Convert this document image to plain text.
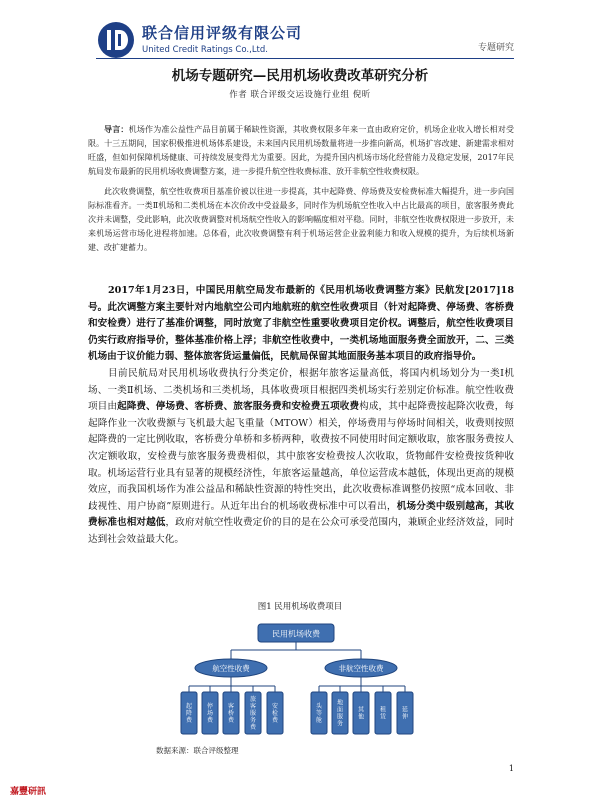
联合信用评级有限公司
United Credit Ratings Co.,Ltd.	专题研究
机场专题研究—民用机场收费改革研究分析
作者 联合评级交运设施行业组 倪昕

导言：机场作为准公益性产品目前属于稀缺性资源，其收费权限多年来一直由政府定价，机场企业收入增长相对受限。十三五期间，国家积极推进机场体系建设，未来国内民用机场数量将进一步推向新高，机场扩容改建、新建需求相对旺盛，但如何保障机场健康、可持续发展变得尤为重要。因此，为提升国内机场市场化经营能力及稳定发展，2017年民航局发布最新的民用机场收费调整方案，进一步提升航空性收费标准、放开非航空性收费权限。

此次收费调整，航空性收费项目基准价被以往进一步提高，其中起降费、停场费及安检费标准大幅提升，进一步向国际标准看齐。一类Ⅱ机场和二类机场在本次价改中受益最多，同时作为机场航空性收入中占比最高的项目，旅客服务费此次并未调整，受此影响，此次收费调整对机场航空性收入的影响幅度相对平稳。同时，非航空性收费权限进一步放开，未来机场运营市场化进程将加速。总体看，此次收费调整有利于机场运营企业盈利能力和收入规模的提升，为后续机场新建、改扩建蓄力。

2017年1月23日，中国民用航空局发布最新的《民用机场收费调整方案》民航发[2017]18号。此次调整方案主要针对内地航空公司内地航班的航空性收费项目（针对起降费、停场费、客桥费和安检费）进行了基准价调整，同时放宽了非航空性重要收费项目定价权。调整后，航空性收费项目仍实行政府指导价，整体基准价格上浮；非航空性收费中，一类机场地面服务费全面放开，二、三类机场由于议价能力弱、整体旅客货运量偏低，民航局保留其地面服务基本项目的政府指导价。

目前民航局对民用机场收费执行分类定价，根据年旅客运量高低，将国内机场划分为一类Ⅰ机场、一类Ⅱ机场、二类机场和三类机场，具体收费项目根据四类机场实行差别定价标准。航空性收费项目由起降费、停场费、客桥费、旅客服务费和安检费五项收费构成，其中起降费按起降次收费，每起降作业一次收费额与飞机最大起飞重量（MTOW）相关，停场费用与停场时间相关，收费则按照起降费的一定比例收取，客桥费分单桥和多桥两种，收费按不同使用时间定额收取，旅客服务费按人次定额收取，安检费与旅客服务费费相似，其中旅客安检费按人次收取，货物邮件安检费按货种收取。机场运营行业具有显著的规模经济性，年旅客运量越高，单位运营成本越低，体现出更高的规模效应，而我国机场作为准公益品和稀缺性资源的特性突出，此次收费标准调整仍按照“成本回收、非歧视性、用户协商”原则进行。从近年出台的机场收费标准中可以看出，机场分类中级别越高，其收费标准也相对越低，政府对航空性收费定价的目的是在公众可承受范围内，兼顾企业经济效益，同时达到社会效益最大化。

图1 民用机场收费项目
民用机场收费
航空性收费	非航空性收费
起降费
停场费
客桥费
旅客服务费
安检费
头等舱
地面服务
其他
租赁
延伸
数据来源：联合评级整理
1
嘉豐研訊
